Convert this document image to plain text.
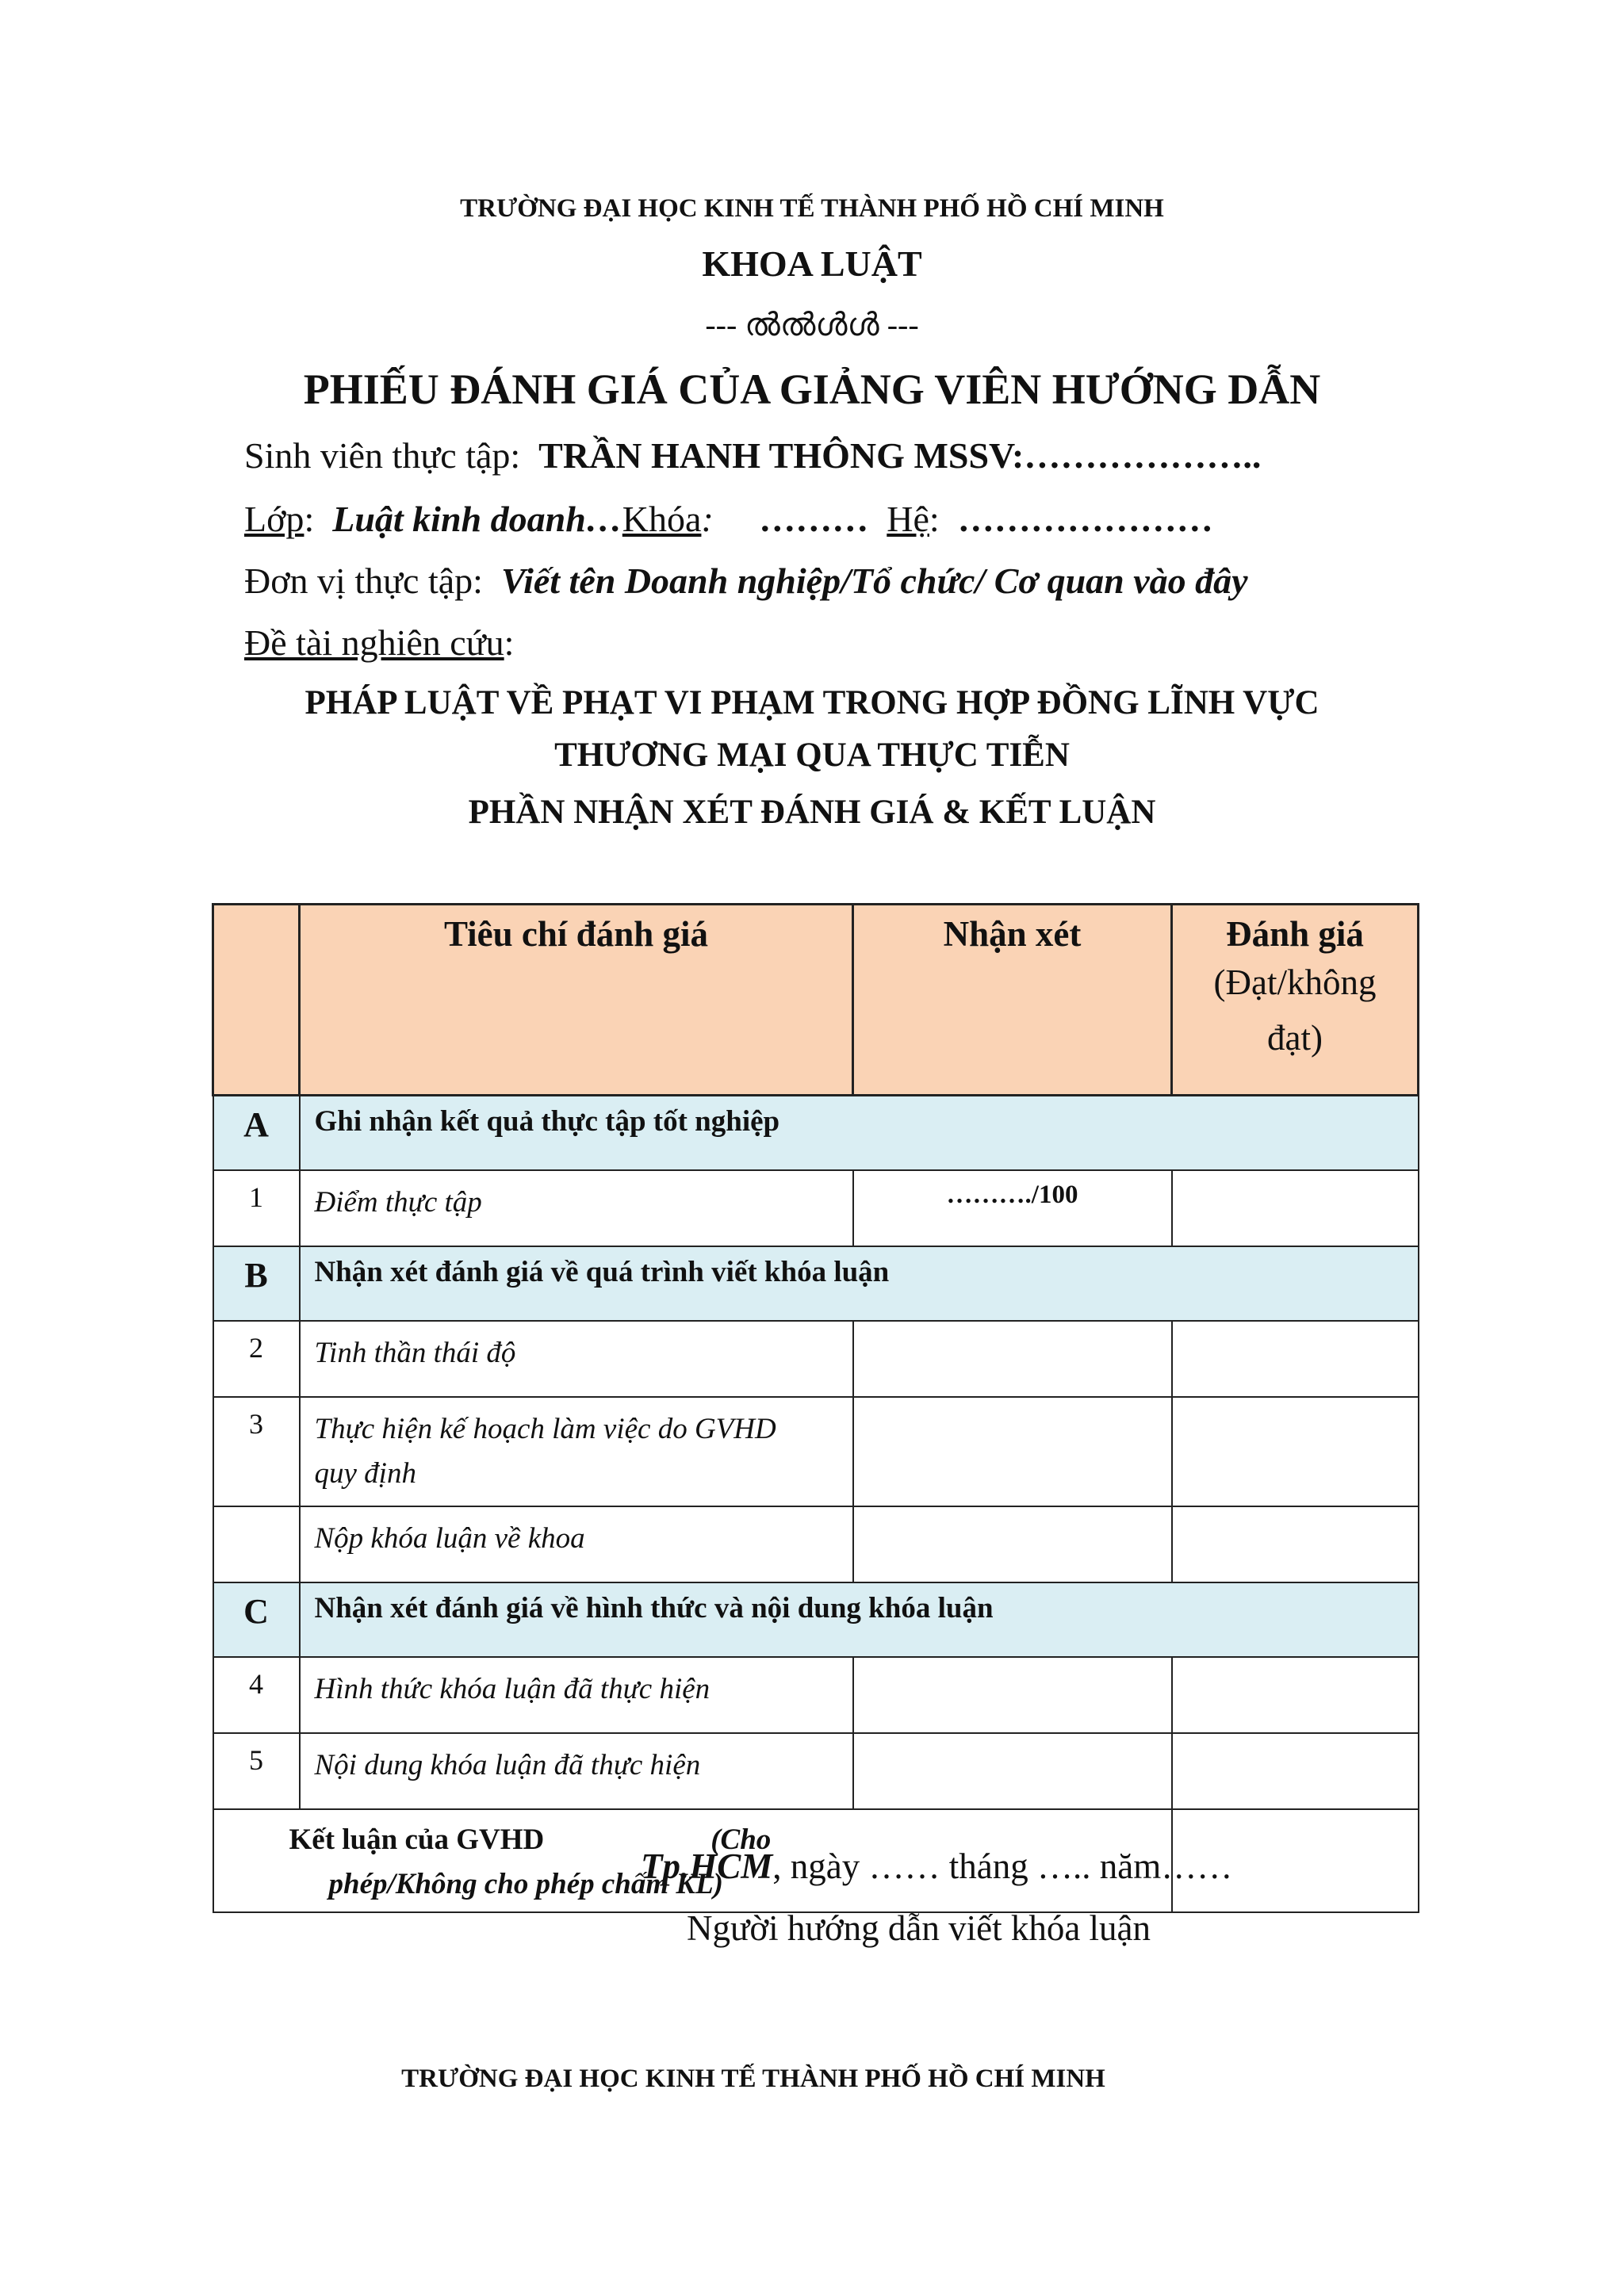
TRƯỜNG ĐẠI HỌC KINH TẾ THÀNH PHỐ HỒ CHÍ MINH
KHOA LUẬT
--- ൽൽൾൾ ---
PHIẾU ĐÁNH GIÁ CỦA GIẢNG VIÊN HƯỚNG DẪN
Sinh viên thực tập: TRẦN HANH THÔNG MSSV:………………..
Lớp:  Luật kinh doanh…Khóa: ……… Hệ:  …………………
Đơn vị thực tập: Viết tên Doanh nghiệp/Tổ chức/ Cơ quan vào đây
Đề tài nghiên cứu:
PHÁP LUẬT VỀ PHẠT VI PHẠM TRONG HỢP ĐỒNG LĨNH VỰC
THƯƠNG MẠI QUA THỰC TIỄN
PHẦN NHẬN XÉT ĐÁNH GIÁ & KẾT LUẬN
	Tiêu chí đánh giá	Nhận xét	Đánh giá
(Đạt/không
đạt)

A	Ghi nhận kết quả thực tập tốt nghiệp		
1	Điểm thực tập	………./100	
B	Nhận xét đánh giá về quá trình viết khóa luận		
2	Tinh thần thái độ		
3	Thực hiện kế hoạch làm việc do GVHD
quy định		

	Nộp khóa luận về khoa		
C	Nhận xét đánh giá về hình thức và nội dung khóa luận		
4	Hình thức khóa luận đã thực hiện		
5	Nội dung khóa luận đã thực hiện		

Kết luận của GVHD (Cho
phép/Không cho phép chấm KL)			

Tp.HCM, ngày …… tháng ….. năm……
Người hướng dẫn viết khóa luận
TRƯỜNG ĐẠI HỌC KINH TẾ THÀNH PHỐ HỒ CHÍ MINH
